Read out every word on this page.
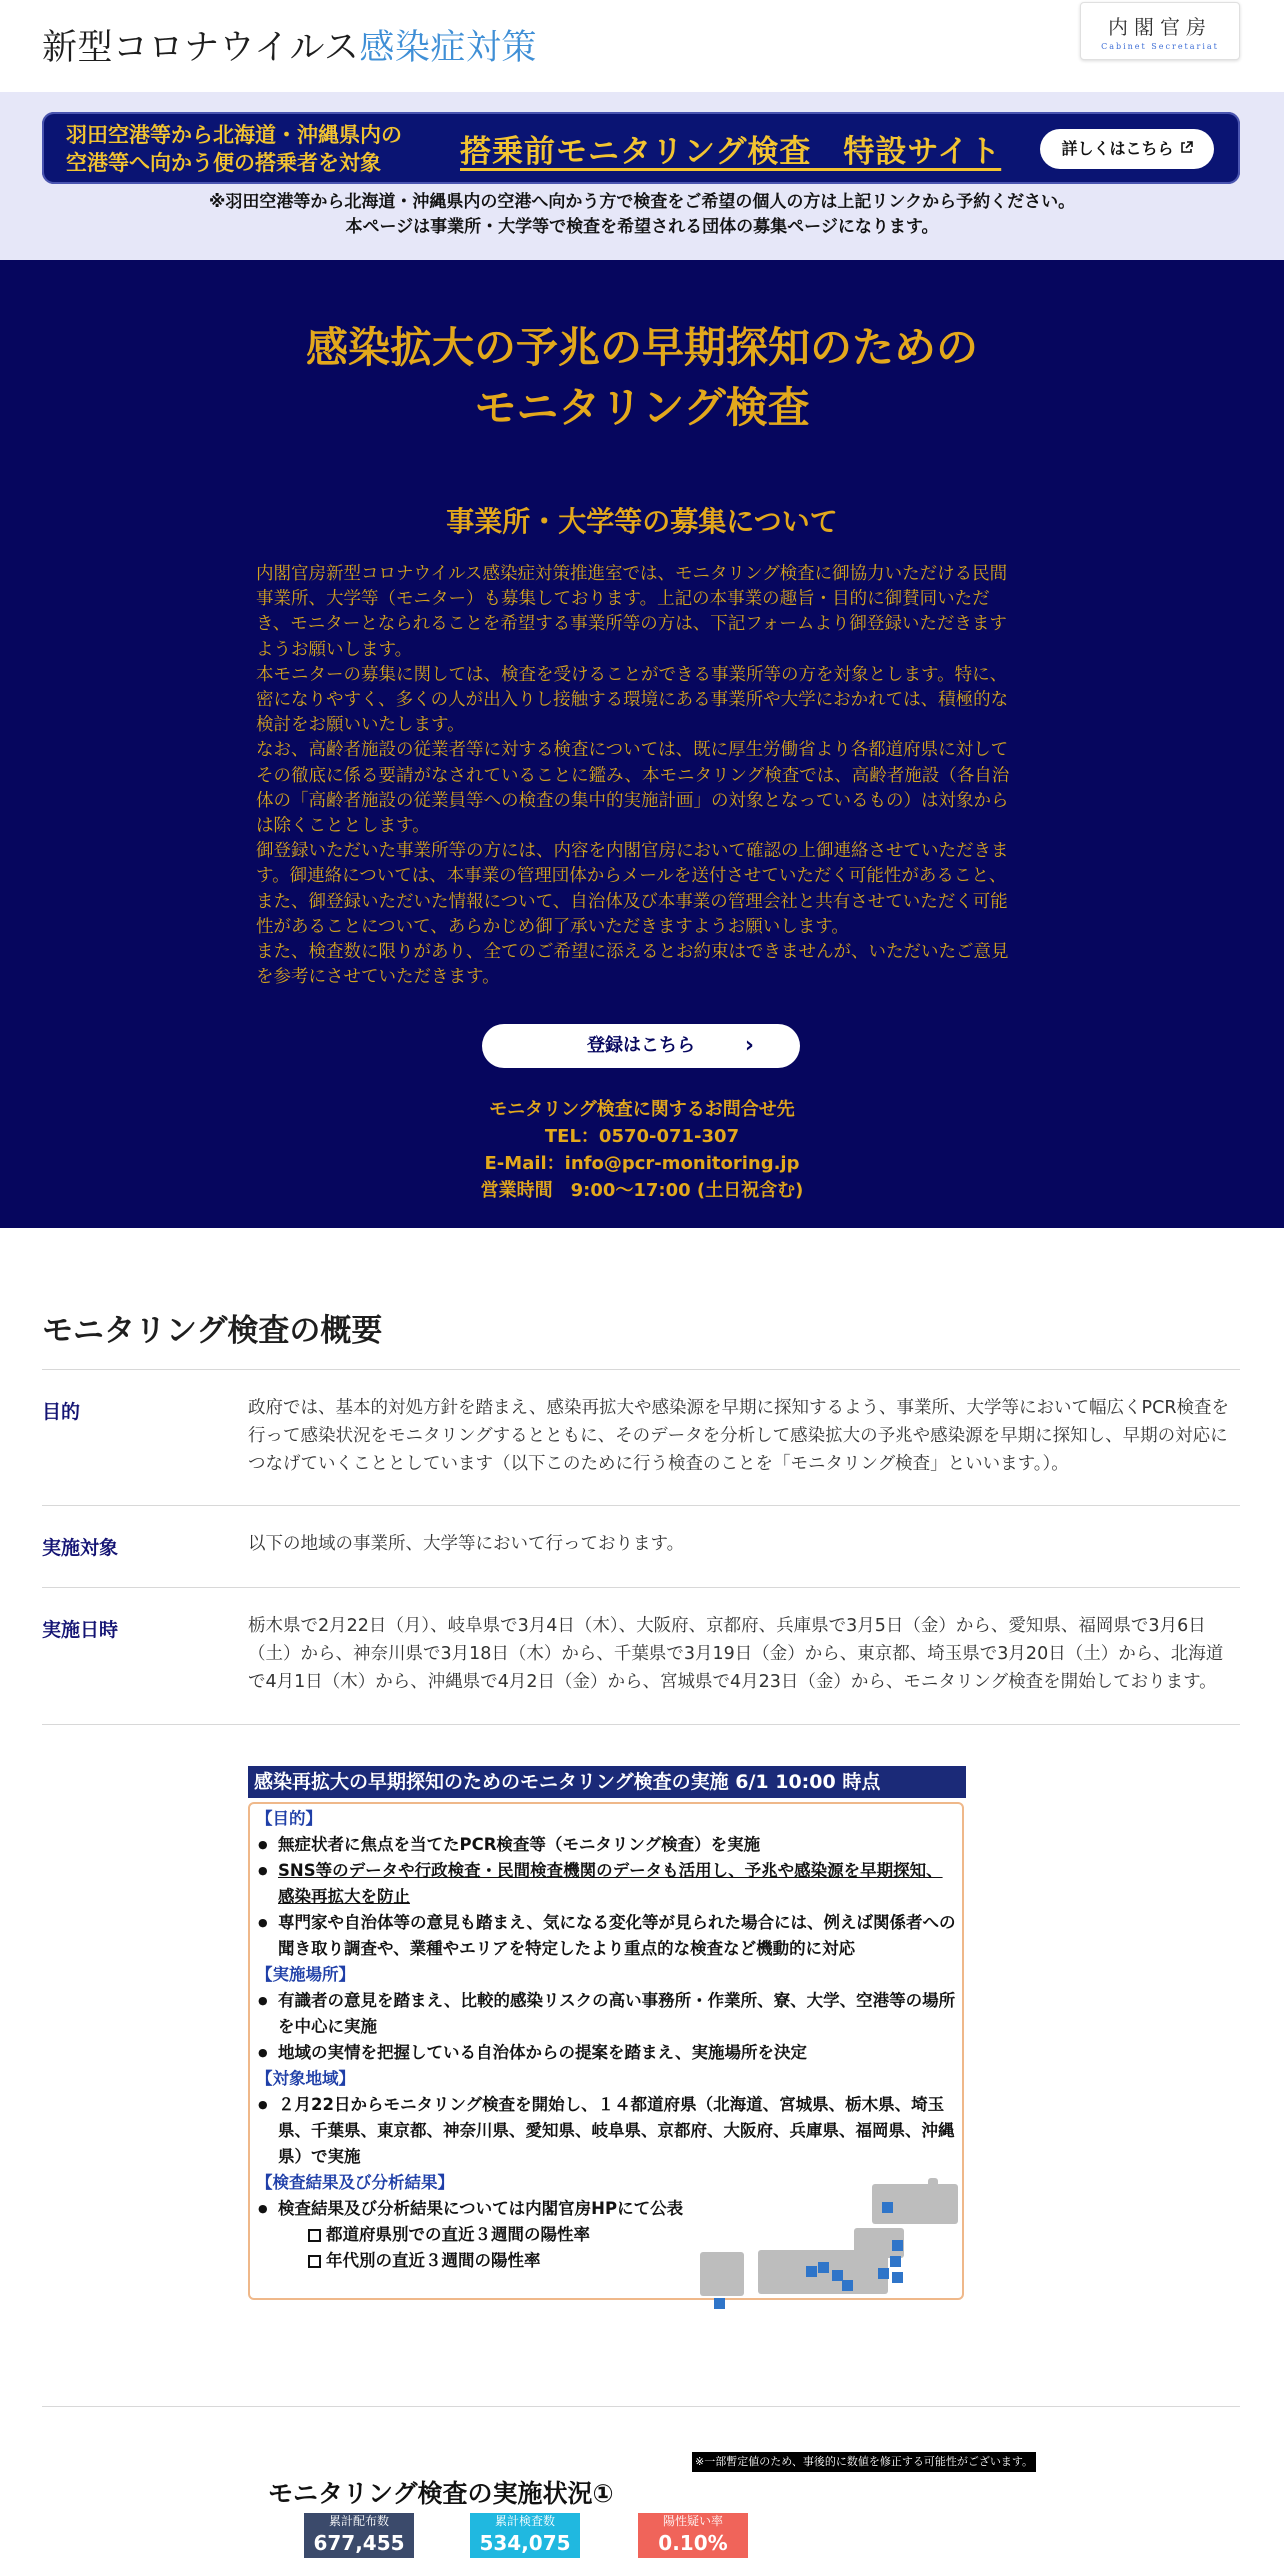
新型コロナウイルス感染症対策
内閣官房
Cabinet Secretariat
羽田空港等から北海道・沖縄県内の
空港等へ向かう便の搭乗者を対象	搭乗前モニタリング検査　特設サイト	詳しくはこちら
※羽田空港等から北海道・沖縄県内の空港へ向かう方で検査をご希望の個人の方は上記リンクから予約ください。
本ページは事業所・大学等で検査を希望される団体の募集ページになります。
感染拡大の予兆の早期探知のための
モニタリング検査
事業所・大学等の募集について

内閣官房新型コロナウイルス感染症対策推進室では、モニタリング検査に御協力いただける民間事業所、大学等（モニター）も募集しております。上記の本事業の趣旨・目的に御賛同いただき、モニターとなられることを希望する事業所等の方は、下記フォームより御登録いただきますようお願いします。

本モニターの募集に関しては、検査を受けることができる事業所等の方を対象とします。特に、密になりやすく、多くの人が出入りし接触する環境にある事業所や大学におかれては、積極的な検討をお願いいたします。

なお、高齢者施設の従業者等に対する検査については、既に厚生労働省より各都道府県に対してその徹底に係る要請がなされていることに鑑み、本モニタリング検査では、高齢者施設（各自治体の「高齢者施設の従業員等への検査の集中的実施計画」の対象となっているもの）は対象からは除くこととします。

御登録いただいた事業所等の方には、内容を内閣官房において確認の上御連絡させていただきます。御連絡については、本事業の管理団体からメールを送付させていただく可能性があること、また、御登録いただいた情報について、自治体及び本事業の管理会社と共有させていただく可能性があることについて、あらかじめ御了承いただきますようお願いします。

また、検査数に限りがあり、全てのご希望に添えるとお約束はできませんが、いただいたご意見を参考にさせていただきます。

登録はこちら ›
モニタリング検査に関するお問合せ先
TEL：0570-071-307
E-Mail：info@pcr-monitoring.jp
営業時間　9:00～17:00 (土日祝含む)
モニタリング検査の概要
目的	政府では、基本的対処方針を踏まえ、感染再拡大や感染源を早期に探知するよう、事業所、大学等において幅広くPCR検査を行って感染状況をモニタリングするとともに、そのデータを分析して感染拡大の予兆や感染源を早期に探知し、早期の対応につなげていくこととしています（以下このために行う検査のことを「モニタリング検査」といいます。）。
実施対象	以下の地域の事業所、大学等において行っております。
実施日時	栃木県で2月22日（月）、岐阜県で3月4日（木）、大阪府、京都府、兵庫県で3月5日（金）から、愛知県、福岡県で3月6日（土）から、神奈川県で3月18日（木）から、千葉県で3月19日（金）から、東京都、埼玉県で3月20日（土）から、北海道で4月1日（木）から、沖縄県で4月2日（金）から、宮城県で4月23日（金）から、モニタリング検査を開始しております。
感染再拡大の早期探知のためのモニタリング検査の実施 6/1 10:00 時点
【目的】
● 無症状者に焦点を当てたPCR検査等（モニタリング検査）を実施
● SNS等のデータや行政検査・民間検査機関のデータも活用し、予兆や感染源を早期探知、感染再拡大を防止
● 専門家や自治体等の意見も踏まえ、気になる変化等が見られた場合には、例えば関係者への聞き取り調査や、業種やエリアを特定したより重点的な検査など機動的に対応
【実施場所】
● 有識者の意見を踏まえ、比較的感染リスクの高い事務所・作業所、寮、大学、空港等の場所を中心に実施
● 地域の実情を把握している自治体からの提案を踏まえ、実施場所を決定
【対象地域】
● ２月22日からモニタリング検査を開始し、１４都道府県（北海道、宮城県、栃木県、埼玉県、千葉県、東京都、神奈川県、愛知県、岐阜県、京都府、大阪府、兵庫県、福岡県、沖縄県）で実施
【検査結果及び分析結果】
● 検査結果及び分析結果については内閣官房HPにて公表
都道府県別での直近３週間の陽性率
年代別の直近３週間の陽性率
※一部暫定値のため、事後的に数値を修正する可能性がございます。
モニタリング検査の実施状況①
累計配布数
677,455
累計検査数
534,075
陽性疑い率
0.10%
